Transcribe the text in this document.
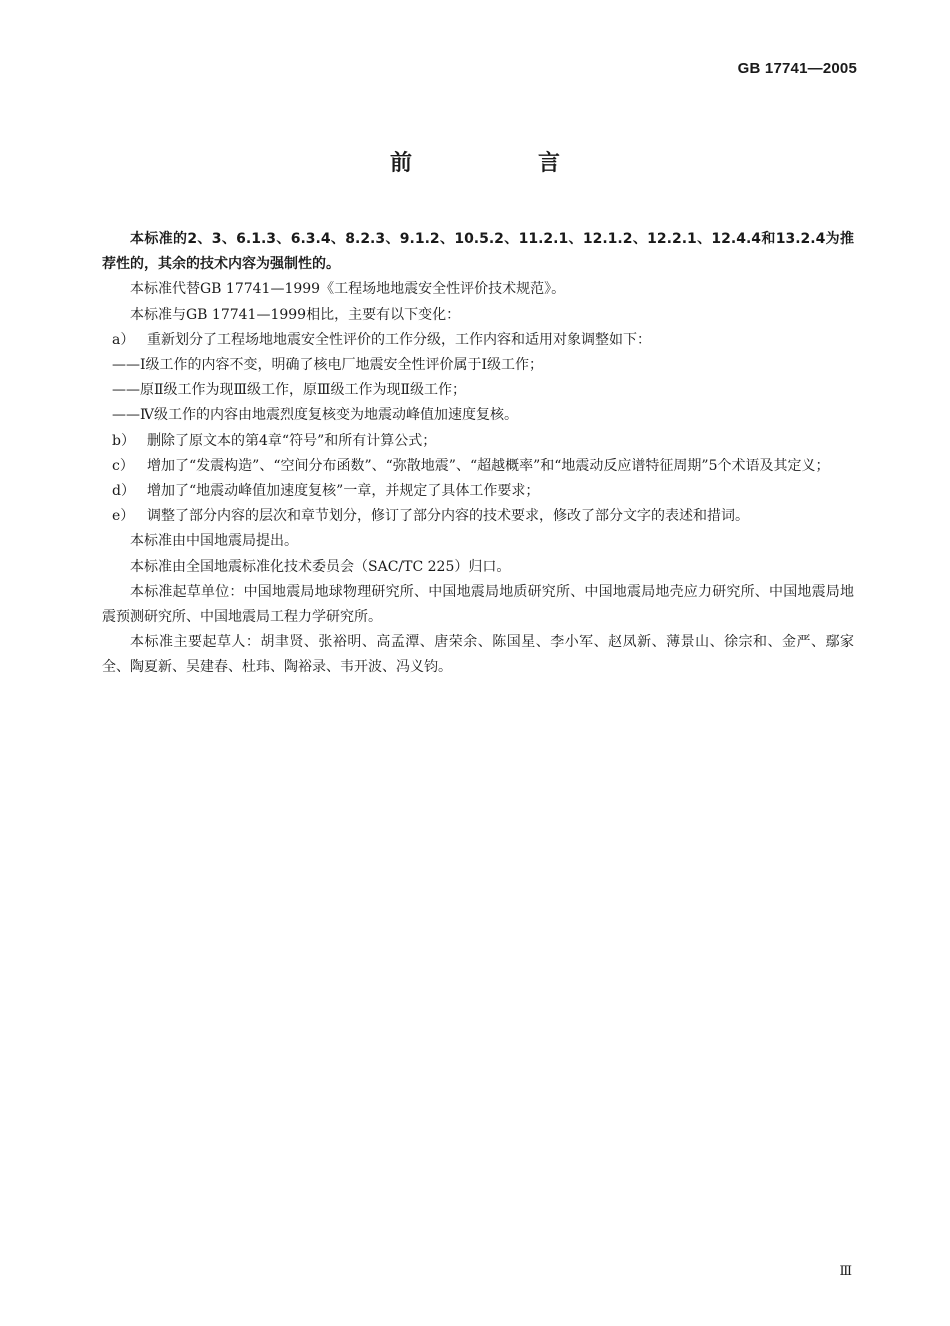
GB 17741—2005
前　言

本标准的2、3、6.1.3、6.3.4、8.2.3、9.1.2、10.5.2、11.2.1、12.1.2、12.2.1、12.4.4和13.2.4为推荐性的，其余的技术内容为强制性的。

本标准代替GB 17741—1999《工程场地地震安全性评价技术规范》。

本标准与GB 17741—1999相比，主要有以下变化：

a） 重新划分了工程场地地震安全性评价的工作分级，工作内容和适用对象调整如下：

——Ⅰ级工作的内容不变，明确了核电厂地震安全性评价属于Ⅰ级工作；

——原Ⅱ级工作为现Ⅲ级工作，原Ⅲ级工作为现Ⅱ级工作；

——Ⅳ级工作的内容由地震烈度复核变为地震动峰值加速度复核。

b） 删除了原文本的第4章“符号”和所有计算公式；
c） 增加了“发震构造”、“空间分布函数”、“弥散地震”、“超越概率”和“地震动反应谱特征周期”5个术语及其定义；
d） 增加了“地震动峰值加速度复核”一章，并规定了具体工作要求；
e） 调整了部分内容的层次和章节划分，修订了部分内容的技术要求，修改了部分文字的表述和措词。

本标准由中国地震局提出。

本标准由全国地震标准化技术委员会（SAC/TC 225）归口。

本标准起草单位：中国地震局地球物理研究所、中国地震局地质研究所、中国地震局地壳应力研究所、中国地震局地震预测研究所、中国地震局工程力学研究所。

本标准主要起草人：胡聿贤、张裕明、高孟潭、唐荣余、陈国星、李小军、赵凤新、薄景山、徐宗和、金严、鄢家全、陶夏新、吴建春、杜玮、陶裕录、韦开波、冯义钧。

Ⅲ
